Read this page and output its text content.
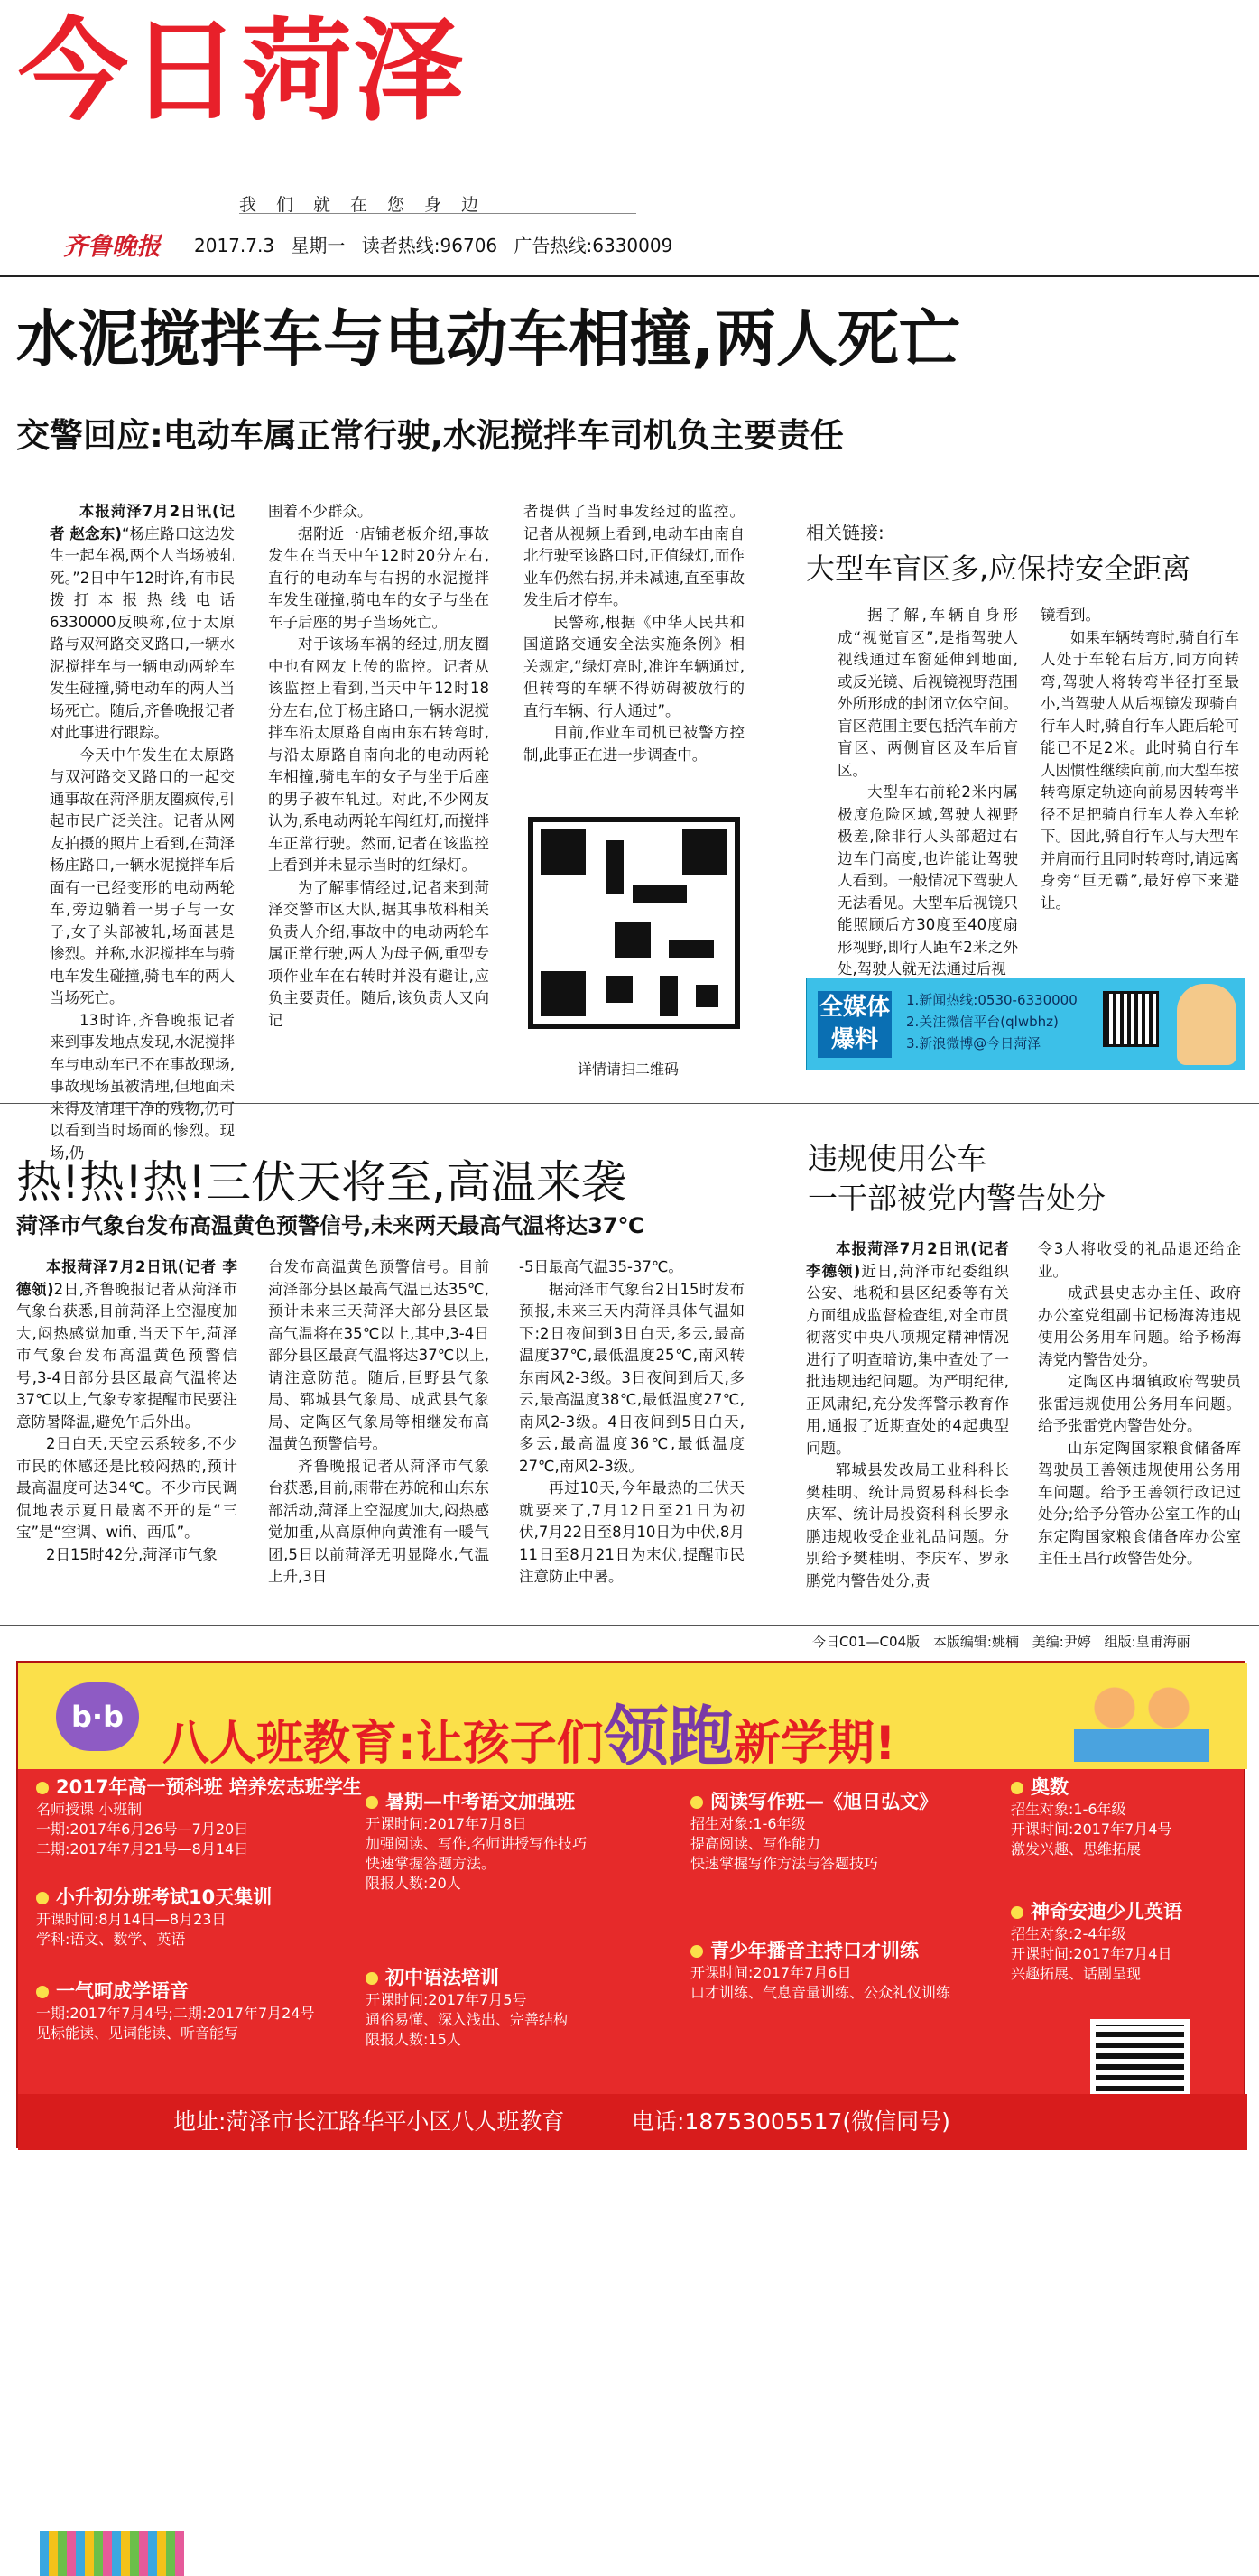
今日菏泽
我们就在您身边
齐鲁晚报 2017.7.3 星期一 读者热线:96706 广告热线:6330009
水泥搅拌车与电动车相撞,两人死亡
交警回应:电动车属正常行驶,水泥搅拌车司机负主要责任

本报菏泽7月2日讯(记者 赵念东)“杨庄路口这边发生一起车祸,两个人当场被轧死。”2日中午12时许,有市民拨打本报热线电话6330000反映称,位于太原路与双河路交叉路口,一辆水泥搅拌车与一辆电动两轮车发生碰撞,骑电动车的两人当场死亡。随后,齐鲁晚报记者对此事进行跟踪。

今天中午发生在太原路与双河路交叉路口的一起交通事故在菏泽朋友圈疯传,引起市民广泛关注。记者从网友拍摄的照片上看到,在菏泽杨庄路口,一辆水泥搅拌车后面有一已经变形的电动两轮车,旁边躺着一男子与一女子,女子头部被轧,场面甚是惨烈。并称,水泥搅拌车与骑电车发生碰撞,骑电车的两人当场死亡。

13时许,齐鲁晚报记者来到事发地点发现,水泥搅拌车与电动车已不在事故现场,事故现场虽被清理,但地面未来得及清理干净的残物,仍可以看到当时场面的惨烈。现场,仍

围着不少群众。

据附近一店铺老板介绍,事故发生在当天中午12时20分左右,直行的电动车与右拐的水泥搅拌车发生碰撞,骑电车的女子与坐在车子后座的男子当场死亡。

对于该场车祸的经过,朋友圈中也有网友上传的监控。记者从该监控上看到,当天中午12时18分左右,位于杨庄路口,一辆水泥搅拌车沿太原路自南由东右转弯时,与沿太原路自南向北的电动两轮车相撞,骑电车的女子与坐于后座的男子被车轧过。对此,不少网友认为,系电动两轮车闯红灯,而搅拌车正常行驶。然而,记者在该监控上看到并未显示当时的红绿灯。

为了解事情经过,记者来到菏泽交警市区大队,据其事故科相关负责人介绍,事故中的电动两轮车属正常行驶,两人为母子俩,重型专项作业车在右转时并没有避让,应负主要责任。随后,该负责人又向记

者提供了当时事发经过的监控。记者从视频上看到,电动车由南自北行驶至该路口时,正值绿灯,而作业车仍然右拐,并未减速,直至事故发生后才停车。

民警称,根据《中华人民共和国道路交通安全法实施条例》相关规定,“绿灯亮时,准许车辆通过,但转弯的车辆不得妨碍被放行的直行车辆、行人通过”。

目前,作业车司机已被警方控制,此事正在进一步调查中。

详情请扫二维码
相关链接:
大型车盲区多,应保持安全距离

据了解,车辆自身形成“视觉盲区”,是指驾驶人视线通过车窗延伸到地面,或反光镜、后视镜视野范围外所形成的封闭立体空间。盲区范围主要包括汽车前方盲区、两侧盲区及车后盲区。

大型车右前轮2米内属极度危险区域,驾驶人视野极差,除非行人头部超过右边车门高度,也许能让驾驶人看到。一般情况下驾驶人无法看见。大型车后视镜只能照顾后方30度至40度扇形视野,即行人距车2米之外处,驾驶人就无法通过后视

镜看到。

如果车辆转弯时,骑自行车人处于车轮右后方,同方向转弯,驾驶人将转弯半径打至最小,当驾驶人从后视镜发现骑自行车人时,骑自行车人距后轮可能已不足2米。此时骑自行车人因惯性继续向前,而大型车按转弯原定轨迹向前易因转弯半径不足把骑自行车人卷入车轮下。因此,骑自行车人与大型车并肩而行且同时转弯时,请远离身旁“巨无霸”,最好停下来避让。

全媒体爆料
1.新闻热线:0530-6330000
2.关注微信平台(qlwbhz)
3.新浪微博@今日菏泽
热!热!热!三伏天将至,高温来袭
菏泽市气象台发布高温黄色预警信号,未来两天最高气温将达37℃

本报菏泽7月2日讯(记者 李德领)2日,齐鲁晚报记者从菏泽市气象台获悉,目前菏泽上空湿度加大,闷热感觉加重,当天下午,菏泽市气象台发布高温黄色预警信号,3-4日部分县区最高气温将达37℃以上,气象专家提醒市民要注意防暑降温,避免午后外出。

2日白天,天空云系较多,不少市民的体感还是比较闷热的,预计最高温度可达34℃。不少市民调侃地表示夏日最离不开的是“三宝”是“空调、wifi、西瓜”。

2日15时42分,菏泽市气象

台发布高温黄色预警信号。目前菏泽部分县区最高气温已达35℃,预计未来三天菏泽大部分县区最高气温将在35℃以上,其中,3-4日部分县区最高气温将达37℃以上,请注意防范。随后,巨野县气象局、郓城县气象局、成武县气象局、定陶区气象局等相继发布高温黄色预警信号。

齐鲁晚报记者从菏泽市气象台获悉,目前,雨带在苏皖和山东东部活动,菏泽上空湿度加大,闷热感觉加重,从高原伸向黄淮有一暖气团,5日以前菏泽无明显降水,气温上升,3日

-5日最高气温35-37℃。

据菏泽市气象台2日15时发布预报,未来三天内菏泽具体气温如下:2日夜间到3日白天,多云,最高温度37℃,最低温度25℃,南风转东南风2-3级。3日夜间到后天,多云,最高温度38℃,最低温度27℃,南风2-3级。4日夜间到5日白天,多云,最高温度36℃,最低温度27℃,南风2-3级。

再过10天,今年最热的三伏天就要来了,7月12日至21日为初伏,7月22日至8月10日为中伏,8月11日至8月21日为末伏,提醒市民注意防止中暑。

违规使用公车
一干部被党内警告处分

本报菏泽7月2日讯(记者 李德领)近日,菏泽市纪委组织公安、地税和县区纪委等有关方面组成监督检查组,对全市贯彻落实中央八项规定精神情况进行了明查暗访,集中查处了一批违规违纪问题。为严明纪律,正风肃纪,充分发挥警示教育作用,通报了近期查处的4起典型问题。

郓城县发改局工业科科长樊桂明、统计局贸易科科长李庆军、统计局投资科科长罗永鹏违规收受企业礼品问题。分别给予樊桂明、李庆军、罗永鹏党内警告处分,责

令3人将收受的礼品退还给企业。

成武县史志办主任、政府办公室党组副书记杨海涛违规使用公务用车问题。给予杨海涛党内警告处分。

定陶区冉堌镇政府驾驶员张雷违规使用公务用车问题。给予张雷党内警告处分。

山东定陶国家粮食储备库驾驶员王善领违规使用公务用车问题。给予王善领行政记过处分;给予分管办公室工作的山东定陶国家粮食储备库办公室主任王昌行政警告处分。

今日C01—C04版 本版编辑:姚楠 美编:尹婷 组版:皇甫海丽
b·b 八人班教育:让孩子们领跑新学期!
2017年高一预科班 培养宏志班学生
名师授课 小班制
一期:2017年6月26号—7月20日
二期:2017年7月21号—8月14日
小升初分班考试10天集训
开课时间:8月14日—8月23日
学科:语文、数学、英语
一气呵成学语音
一期:2017年7月4号;二期:2017年7月24号
见标能读、见词能读、听音能写
暑期—中考语文加强班
开课时间:2017年7月8日
加强阅读、写作,名师讲授写作技巧
快速掌握答题方法。
限报人数:20人
初中语法培训
开课时间:2017年7月5号
通俗易懂、深入浅出、完善结构
限报人数:15人
阅读写作班—《旭日弘文》
招生对象:1-6年级
提高阅读、写作能力
快速掌握写作方法与答题技巧
青少年播音主持口才训练
开课时间:2017年7月6日
口才训练、气息音量训练、公众礼仪训练
奥数
招生对象:1-6年级
开课时间:2017年7月4号
激发兴趣、思维拓展
神奇安迪少儿英语
招生对象:2-4年级
开课时间:2017年7月4日
兴趣拓展、话剧呈现
地址:菏泽市长江路华平小区八人班教育	电话:18753005517(微信同号)
